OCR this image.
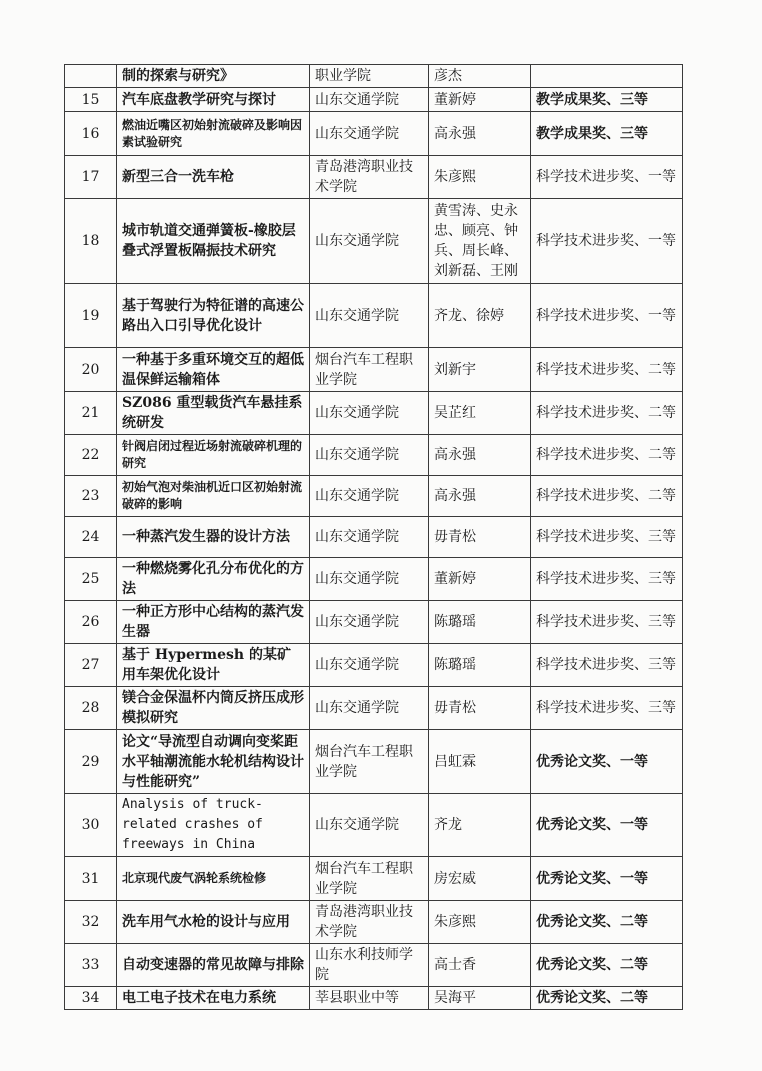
	制的探索与研究》	职业学院	彦杰	
15	汽车底盘教学研究与探讨	山东交通学院	董新婷	教学成果奖、三等
16	燃油近嘴区初始射流破碎及影响因素试验研究	山东交通学院	高永强	教学成果奖、三等
17	新型三合一洗车枪	青岛港湾职业技术学院	朱彦熙	科学技术进步奖、一等
18	城市轨道交通弹簧板-橡胶层叠式浮置板隔振技术研究	山东交通学院	黄雪涛、史永忠、顾亮、钟兵、周长峰、刘新磊、王刚	科学技术进步奖、一等
19	基于驾驶行为特征谱的高速公路出入口引导优化设计	山东交通学院	齐龙、徐婷	科学技术进步奖、一等
20	一种基于多重环境交互的超低温保鲜运输箱体	烟台汽车工程职业学院	刘新宇	科学技术进步奖、二等
21	SZ086 重型载货汽车悬挂系统研发	山东交通学院	吴芷红	科学技术进步奖、二等
22	针阀启闭过程近场射流破碎机理的研究	山东交通学院	高永强	科学技术进步奖、二等
23	初始气泡对柴油机近口区初始射流破碎的影响	山东交通学院	高永强	科学技术进步奖、二等
24	一种蒸汽发生器的设计方法	山东交通学院	毋青松	科学技术进步奖、三等
25	一种燃烧雾化孔分布优化的方法	山东交通学院	董新婷	科学技术进步奖、三等
26	一种正方形中心结构的蒸汽发生器	山东交通学院	陈璐瑶	科学技术进步奖、三等
27	基于 Hypermesh 的某矿用车架优化设计	山东交通学院	陈璐瑶	科学技术进步奖、三等
28	镁合金保温杯内筒反挤压成形模拟研究	山东交通学院	毋青松	科学技术进步奖、三等
29	论文“导流型自动调向变桨距水平轴潮流能水轮机结构设计与性能研究”	烟台汽车工程职业学院	吕虹霖	优秀论文奖、一等
30	Analysis of truck-related crashes of freeways in China	山东交通学院	齐龙	优秀论文奖、一等
31	北京现代废气涡轮系统检修	烟台汽车工程职业学院	房宏威	优秀论文奖、一等
32	洗车用气水枪的设计与应用	青岛港湾职业技术学院	朱彦熙	优秀论文奖、二等
33	自动变速器的常见故障与排除	山东水利技师学院	高士香	优秀论文奖、二等
34	电工电子技术在电力系统	莘县职业中等	吴海平	优秀论文奖、二等
